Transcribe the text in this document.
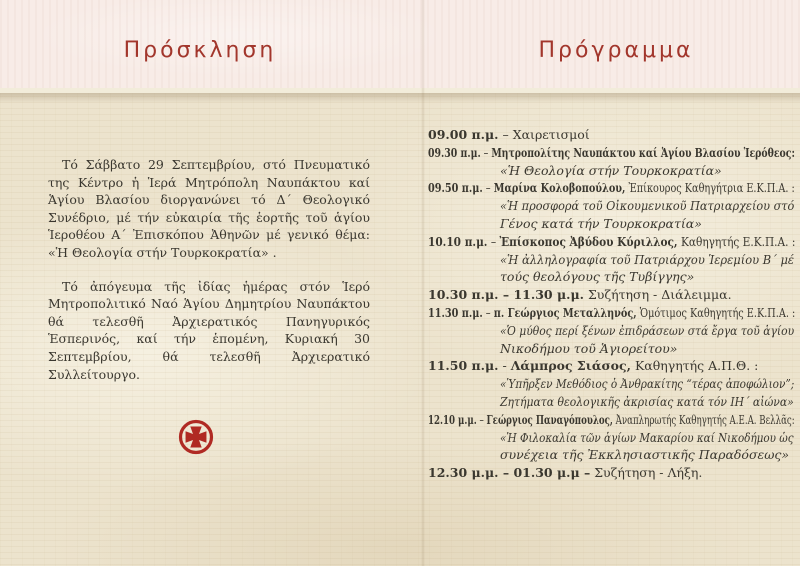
Πρόσκληση	Πρόγραμμα

Τό Σάββατο 29 Σεπτεμβρίου, στό Πνευματικό της Κέντρο ἡ Ἱερά Μητρόπολη Ναυπάκτου καί Ἁγίου Βλασίου διοργανώνει τό Δ´ Θεολογικό Συνέδριο, μέ τήν εὐκαιρία τῆς ἑορτῆς τοῦ ἁγίου Ἱεροθέου Α´ Ἐπισκόπου Ἀθηνῶν μέ γενικό θέμα: «Ἡ Θεολογία στήν Τουρκοκρατία» .

Τό ἀπόγευμα τῆς ἰδίας ἡμέρας στόν Ἱερό Μητροπολιτικό Ναό Ἁγίου Δημητρίου Ναυπάκτου θά τελεσθῆ Ἀρχιερατικός Πανηγυρικός Ἑσπερινός, καί τήν ἑπομένη, Κυριακή 30 Σεπτεμβρίου, θά τελεσθῆ Ἀρχιερατικό Συλλείτουργο.

09.00 π.μ. – Χαιρετισμοί
09.30 π.μ. – Μητροπολίτης Ναυπάκτου καί Ἁγίου Βλασίου Ἱερόθεος:
«Ἡ Θεολογία στήν Τουρκοκρατία»
09.50 π.μ. – Μαρίνα Κολοβοπούλου, Ἐπίκουρος Καθηγήτρια Ε.Κ.Π.Α. :
«Ἡ προσφορά τοῦ Οἰκουμενικοῦ Πατριαρχείου στό
Γένος κατά τήν Τουρκοκρατία»
10.10 π.μ. – Ἐπίσκοπος Ἀβύδου Κύριλλος, Καθηγητής Ε.Κ.Π.Α. :
«Ἡ ἀλληλογραφία τοῦ Πατριάρχου Ἱερεμίου Β´ μέ
τούς θεολόγους τῆς Τυβίγγης»
10.30 π.μ. – 11.30 μ.μ. Συζήτηση - Διάλειμμα.
11.30 π.μ. – π. Γεώργιος Μεταλληνός, Ὁμότιμος Καθηγητής Ε.Κ.Π.Α. :
«Ὁ μύθος περί ξένων ἐπιδράσεων στά ἔργα τοῦ ἁγίου
Νικοδήμου τοῦ Ἁγιορείτου»
11.50 π.μ. - Λάμπρος Σιάσος, Καθηγητής Α.Π.Θ. :
«Ὑπῆρξεν Μεθόδιος ὁ Ἀνθρακίτης “τέρας ἀποφώλιον”;
Ζητήματα θεολογικῆς ἀκρισίας κατά τόν ΙΗ´ αἰώνα»
12.10 μ.μ. – Γεώργιος Παναγόπουλος, Ἀναπληρωτής Καθηγητής Α.Ε.Α. Βελλᾶς:
«Ἡ Φιλοκαλία τῶν ἁγίων Μακαρίου καί Νικοδήμου ὡς
συνέχεια τῆς Ἐκκλησιαστικῆς Παραδόσεως»
12.30 μ.μ. – 01.30 μ.μ – Συζήτηση - Λήξη.
